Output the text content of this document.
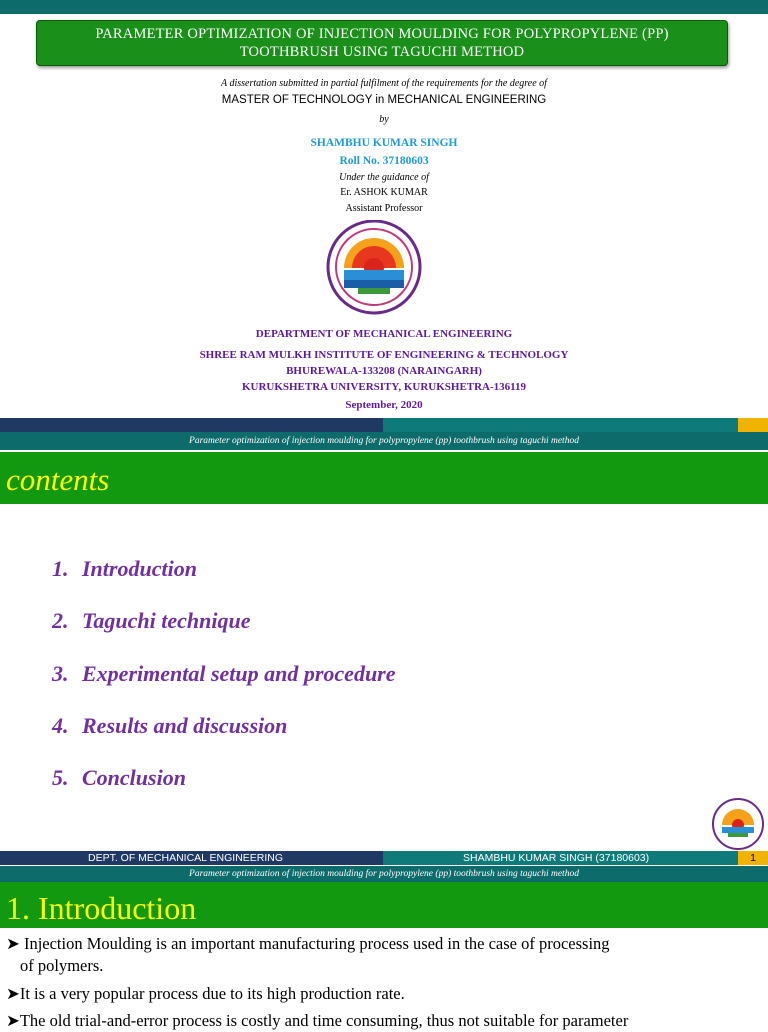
PARAMETER OPTIMIZATION OF INJECTION MOULDING FOR POLYPROPYLENE (PP)
TOOTHBRUSH USING TAGUCHI METHOD
A dissertation submitted in partial fulfilment of the requirements for the degree of
MASTER OF TECHNOLOGY in MECHANICAL ENGINEERING
by
SHAMBHU KUMAR SINGH
Roll No. 37180603
Under the guidance of
Er. ASHOK KUMAR
Assistant Professor
DEPARTMENT OF MECHANICAL ENGINEERING
SHREE RAM MULKH INSTITUTE OF ENGINEERING & TECHNOLOGY
BHUREWALA-133208 (NARAINGARH)
KURUKSHETRA UNIVERSITY, KURUKSHETRA-136119
September, 2020
Parameter optimization of injection moulding for polypropylene (pp) toothbrush using taguchi method
contents
1. Introduction
2. Taguchi technique
3. Experimental setup and procedure
4. Results and discussion
5. Conclusion
DEPT. OF MECHANICAL ENGINEERING	SHAMBHU KUMAR SINGH (37180603)	1
Parameter optimization of injection moulding for polypropylene (pp) toothbrush using taguchi method
1. Introduction
➤ Injection Moulding is an important manufacturing process used in the case of processing
of polymers.
➤It is a very popular process due to its high production rate.
➤The old trial-and-error process is costly and time consuming, thus not suitable for parameter
